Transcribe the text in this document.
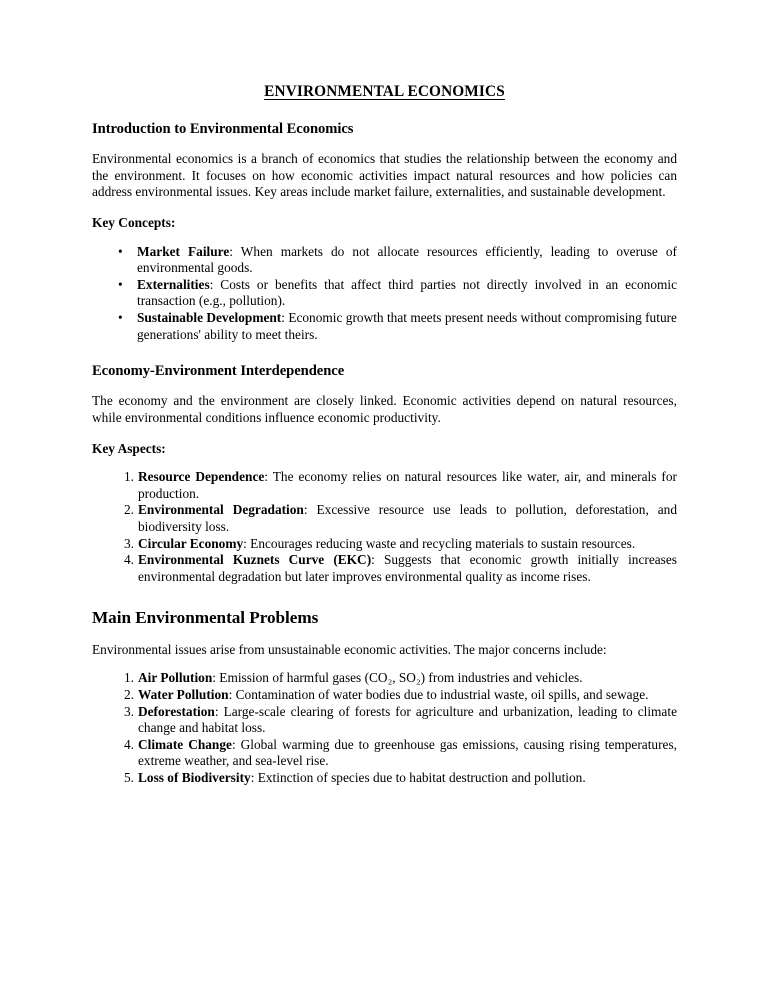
ENVIRONMENTAL ECONOMICS
Introduction to Environmental Economics

Environmental economics is a branch of economics that studies the relationship between the economy and the environment. It focuses on how economic activities impact natural resources and how policies can address environmental issues. Key areas include market failure, externalities, and sustainable development.

Key Concepts:

• Market Failure: When markets do not allocate resources efficiently, leading to overuse of environmental goods.
• Externalities: Costs or benefits that affect third parties not directly involved in an economic transaction (e.g., pollution).
• Sustainable Development: Economic growth that meets present needs without compromising future generations' ability to meet theirs.
Economy-Environment Interdependence

The economy and the environment are closely linked. Economic activities depend on natural resources, while environmental conditions influence economic productivity.

Key Aspects:

1. Resource Dependence: The economy relies on natural resources like water, air, and minerals for production.
2. Environmental Degradation: Excessive resource use leads to pollution, deforestation, and biodiversity loss.
3. Circular Economy: Encourages reducing waste and recycling materials to sustain resources.
4. Environmental Kuznets Curve (EKC): Suggests that economic growth initially increases environmental degradation but later improves environmental quality as income rises.
Main Environmental Problems

Environmental issues arise from unsustainable economic activities. The major concerns include:

1. Air Pollution: Emission of harmful gases (CO₂, SO₂) from industries and vehicles.
2. Water Pollution: Contamination of water bodies due to industrial waste, oil spills, and sewage.
3. Deforestation: Large-scale clearing of forests for agriculture and urbanization, leading to climate change and habitat loss.
4. Climate Change: Global warming due to greenhouse gas emissions, causing rising temperatures, extreme weather, and sea-level rise.
5. Loss of Biodiversity: Extinction of species due to habitat destruction and pollution.
